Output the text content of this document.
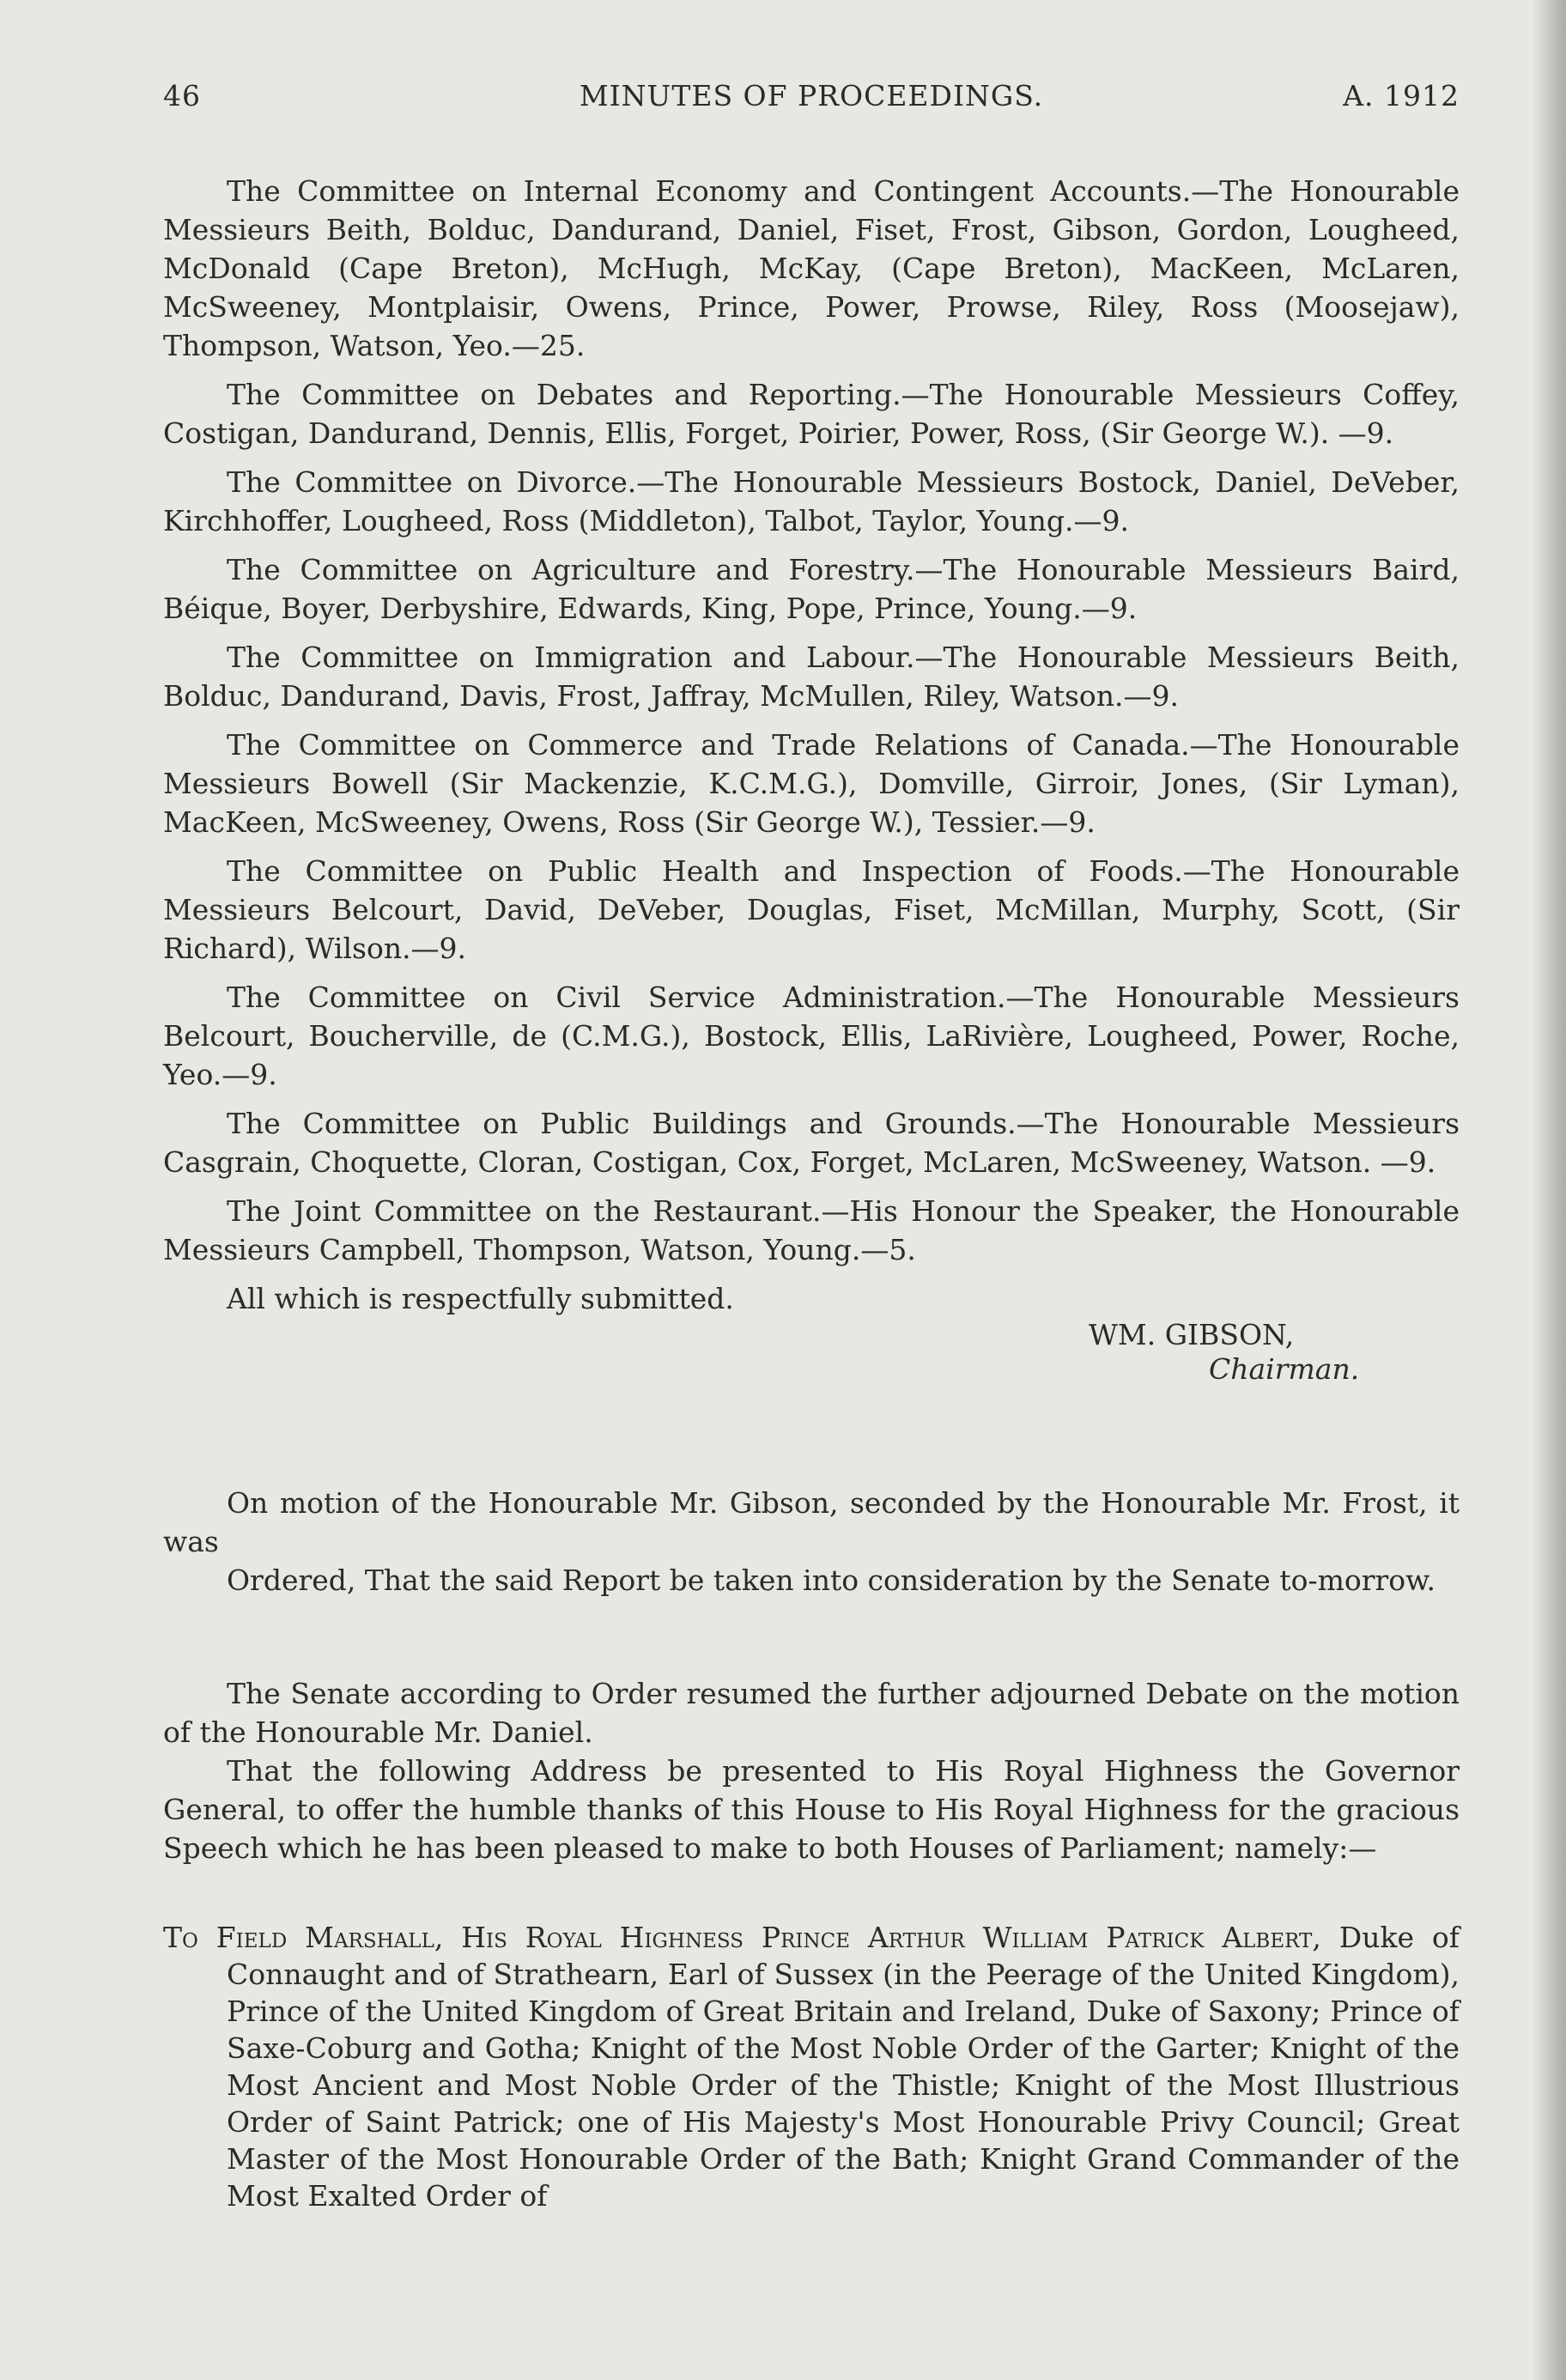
46	MINUTES OF PROCEEDINGS.	A. 1912

The Committee on Internal Economy and Contingent Accounts.—The Honourable Messieurs Beith, Bolduc, Dandurand, Daniel, Fiset, Frost, Gibson, Gordon, Lougheed, McDonald (Cape Breton), McHugh, McKay, (Cape Breton), MacKeen, McLaren, McSweeney, Montplaisir, Owens, Prince, Power, Prowse, Riley, Ross (Moosejaw), Thompson, Watson, Yeo.—25.

The Committee on Debates and Reporting.—The Honourable Messieurs Coffey, Costigan, Dandurand, Dennis, Ellis, Forget, Poirier, Power, Ross, (Sir George W.). —9.

The Committee on Divorce.—The Honourable Messieurs Bostock, Daniel, DeVeber, Kirchhoffer, Lougheed, Ross (Middleton), Talbot, Taylor, Young.—9.

The Committee on Agriculture and Forestry.—The Honourable Messieurs Baird, Béique, Boyer, Derbyshire, Edwards, King, Pope, Prince, Young.—9.

The Committee on Immigration and Labour.—The Honourable Messieurs Beith, Bolduc, Dandurand, Davis, Frost, Jaffray, McMullen, Riley, Watson.—9.

The Committee on Commerce and Trade Relations of Canada.—The Honourable Messieurs Bowell (Sir Mackenzie, K.C.M.G.), Domville, Girroir, Jones, (Sir Lyman), MacKeen, McSweeney, Owens, Ross (Sir George W.), Tessier.—9.

The Committee on Public Health and Inspection of Foods.—The Honourable Messieurs Belcourt, David, DeVeber, Douglas, Fiset, McMillan, Murphy, Scott, (Sir Richard), Wilson.—9.

The Committee on Civil Service Administration.—The Honourable Messieurs Belcourt, Boucherville, de (C.M.G.), Bostock, Ellis, LaRivière, Lougheed, Power, Roche, Yeo.—9.

The Committee on Public Buildings and Grounds.—The Honourable Messieurs Casgrain, Choquette, Cloran, Costigan, Cox, Forget, McLaren, McSweeney, Watson. —9.

The Joint Committee on the Restaurant.—His Honour the Speaker, the Honourable Messieurs Campbell, Thompson, Watson, Young.—5.

All which is respectfully submitted.

WM. GIBSON,
Chairman.

On motion of the Honourable Mr. Gibson, seconded by the Honourable Mr. Frost, it was

Ordered, That the said Report be taken into consideration by the Senate to-morrow.

The Senate according to Order resumed the further adjourned Debate on the motion of the Honourable Mr. Daniel.

That the following Address be presented to His Royal Highness the Governor General, to offer the humble thanks of this House to His Royal Highness for the gracious Speech which he has been pleased to make to both Houses of Parliament; namely:—

To Field Marshall, His Royal Highness Prince Arthur William Patrick Albert, Duke of Connaught and of Strathearn, Earl of Sussex (in the Peerage of the United Kingdom), Prince of the United Kingdom of Great Britain and Ireland, Duke of Saxony; Prince of Saxe-Coburg and Gotha; Knight of the Most Noble Order of the Garter; Knight of the Most Ancient and Most Noble Order of the Thistle; Knight of the Most Illustrious Order of Saint Patrick; one of His Majesty's Most Honourable Privy Council; Great Master of the Most Honourable Order of the Bath; Knight Grand Commander of the Most Exalted Order of
